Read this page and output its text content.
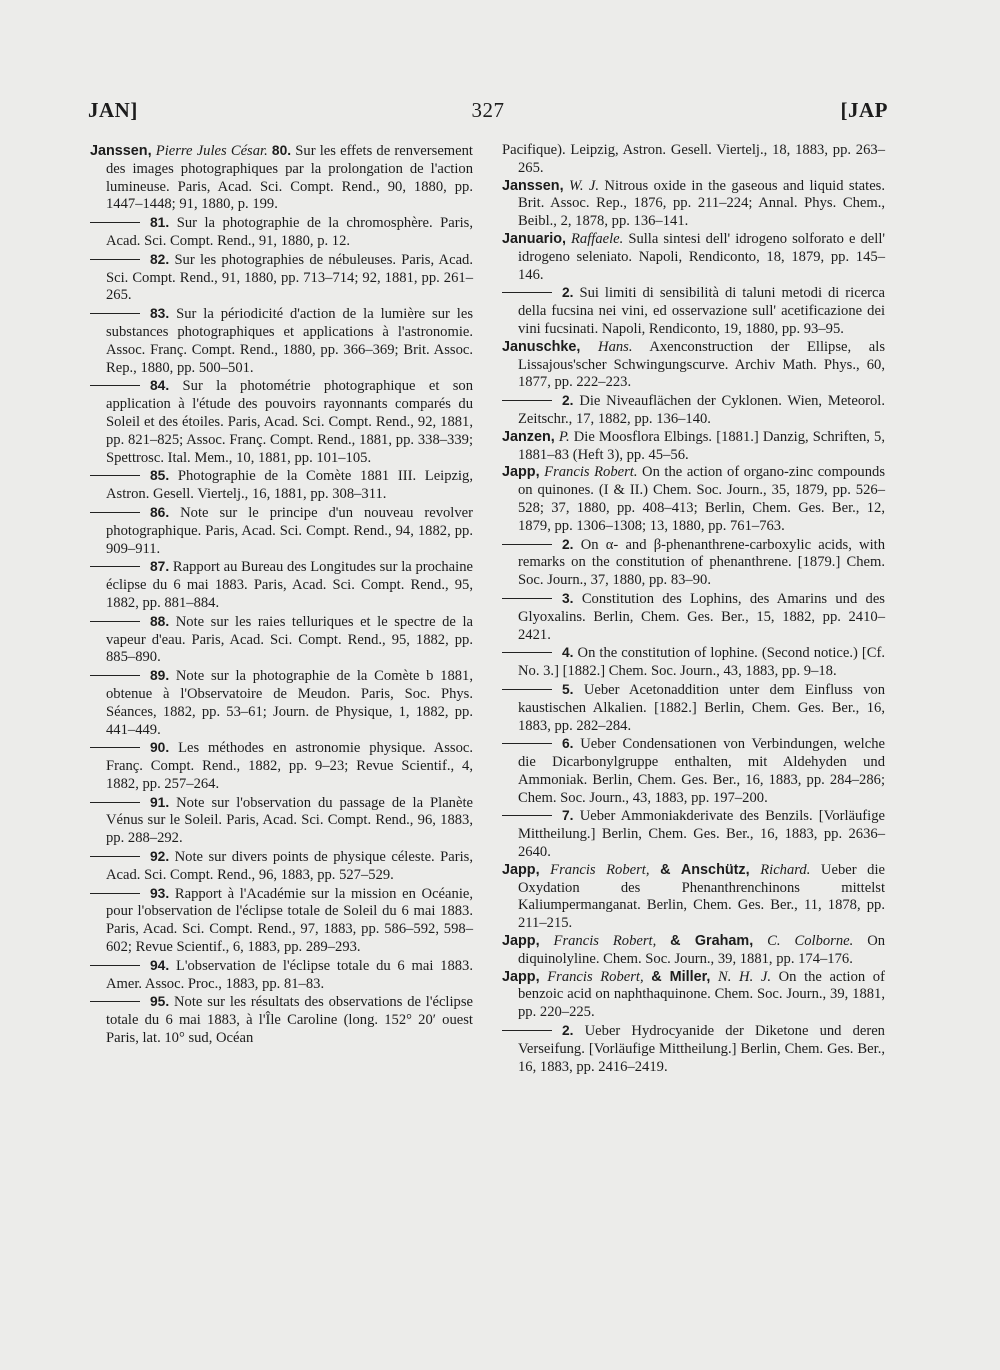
327
JAN]	[JAP
Janssen, Pierre Jules César. 80. Sur les effets de renversement des images photographiques par la prolongation de l'action lumineuse. Paris, Acad. Sci. Compt. Rend., 90, 1880, pp. 1447–1448; 91, 1880, p. 199.
81. Sur la photographie de la chromosphère. Paris, Acad. Sci. Compt. Rend., 91, 1880, p. 12.
82. Sur les photographies de nébuleuses. Paris, Acad. Sci. Compt. Rend., 91, 1880, pp. 713–714; 92, 1881, pp. 261–265.
83. Sur la périodicité d'action de la lumière sur les substances photographiques et applications à l'astronomie. Assoc. Franç. Compt. Rend., 1880, pp. 366–369; Brit. Assoc. Rep., 1880, pp. 500–501.
84. Sur la photométrie photographique et son application à l'étude des pouvoirs rayonnants comparés du Soleil et des étoiles. Paris, Acad. Sci. Compt. Rend., 92, 1881, pp. 821–825; Assoc. Franç. Compt. Rend., 1881, pp. 338–339; Spettrosc. Ital. Mem., 10, 1881, pp. 101–105.
85. Photographie de la Comète 1881 III. Leipzig, Astron. Gesell. Viertelj., 16, 1881, pp. 308–311.
86. Note sur le principe d'un nouveau revolver photographique. Paris, Acad. Sci. Compt. Rend., 94, 1882, pp. 909–911.
87. Rapport au Bureau des Longitudes sur la prochaine éclipse du 6 mai 1883. Paris, Acad. Sci. Compt. Rend., 95, 1882, pp. 881–884.
88. Note sur les raies telluriques et le spectre de la vapeur d'eau. Paris, Acad. Sci. Compt. Rend., 95, 1882, pp. 885–890.
89. Note sur la photographie de la Comète b 1881, obtenue à l'Observatoire de Meudon. Paris, Soc. Phys. Séances, 1882, pp. 53–61; Journ. de Physique, 1, 1882, pp. 441–449.
90. Les méthodes en astronomie physique. Assoc. Franç. Compt. Rend., 1882, pp. 9–23; Revue Scientif., 4, 1882, pp. 257–264.
91. Note sur l'observation du passage de la Planète Vénus sur le Soleil. Paris, Acad. Sci. Compt. Rend., 96, 1883, pp. 288–292.
92. Note sur divers points de physique céleste. Paris, Acad. Sci. Compt. Rend., 96, 1883, pp. 527–529.
93. Rapport à l'Académie sur la mission en Océanie, pour l'observation de l'éclipse totale de Soleil du 6 mai 1883. Paris, Acad. Sci. Compt. Rend., 97, 1883, pp. 586–592, 598–602; Revue Scientif., 6, 1883, pp. 289–293.
94. L'observation de l'éclipse totale du 6 mai 1883. Amer. Assoc. Proc., 1883, pp. 81–83.
95. Note sur les résultats des observations de l'éclipse totale du 6 mai 1883, à l'Île Caroline (long. 152° 20′ ouest Paris, lat. 10° sud, Océan
Pacifique). Leipzig, Astron. Gesell. Viertelj., 18, 1883, pp. 263–265.
Janssen, W. J. Nitrous oxide in the gaseous and liquid states. Brit. Assoc. Rep., 1876, pp. 211–224; Annal. Phys. Chem., Beibl., 2, 1878, pp. 136–141.
Januario, Raffaele. Sulla sintesi dell' idrogeno solforato e dell' idrogeno seleniato. Napoli, Rendiconto, 18, 1879, pp. 145–146.
2. Sui limiti di sensibilità di taluni metodi di ricerca della fucsina nei vini, ed osservazione sull' acetificazione dei vini fucsinati. Napoli, Rendiconto, 19, 1880, pp. 93–95.
Januschke, Hans. Axenconstruction der Ellipse, als Lissajous'scher Schwingungscurve. Archiv Math. Phys., 60, 1877, pp. 222–223.
2. Die Niveauflächen der Cyklonen. Wien, Meteorol. Zeitschr., 17, 1882, pp. 136–140.
Janzen, P. Die Moosflora Elbings. [1881.] Danzig, Schriften, 5, 1881–83 (Heft 3), pp. 45–56.
Japp, Francis Robert. On the action of organo-zinc compounds on quinones. (I & II.) Chem. Soc. Journ., 35, 1879, pp. 526–528; 37, 1880, pp. 408–413; Berlin, Chem. Ges. Ber., 12, 1879, pp. 1306–1308; 13, 1880, pp. 761–763.
2. On α- and β-phenanthrene-carboxylic acids, with remarks on the constitution of phenanthrene. [1879.] Chem. Soc. Journ., 37, 1880, pp. 83–90.
3. Constitution des Lophins, des Amarins und des Glyoxalins. Berlin, Chem. Ges. Ber., 15, 1882, pp. 2410–2421.
4. On the constitution of lophine. (Second notice.) [Cf. No. 3.] [1882.] Chem. Soc. Journ., 43, 1883, pp. 9–18.
5. Ueber Acetonaddition unter dem Einfluss von kaustischen Alkalien. [1882.] Berlin, Chem. Ges. Ber., 16, 1883, pp. 282–284.
6. Ueber Condensationen von Verbindungen, welche die Dicarbonylgruppe enthalten, mit Aldehyden und Ammoniak. Berlin, Chem. Ges. Ber., 16, 1883, pp. 284–286; Chem. Soc. Journ., 43, 1883, pp. 197–200.
7. Ueber Ammoniakderivate des Benzils. [Vorläufige Mittheilung.] Berlin, Chem. Ges. Ber., 16, 1883, pp. 2636–2640.
Japp, Francis Robert, & Anschütz, Richard. Ueber die Oxydation des Phenanthrenchinons mittelst Kaliumpermanganat. Berlin, Chem. Ges. Ber., 11, 1878, pp. 211–215.
Japp, Francis Robert, & Graham, C. Colborne. On diquinolyline. Chem. Soc. Journ., 39, 1881, pp. 174–176.
Japp, Francis Robert, & Miller, N. H. J. On the action of benzoic acid on naphthaquinone. Chem. Soc. Journ., 39, 1881, pp. 220–225.
2. Ueber Hydrocyanide der Diketone und deren Verseifung. [Vorläufige Mittheilung.] Berlin, Chem. Ges. Ber., 16, 1883, pp. 2416–2419.
